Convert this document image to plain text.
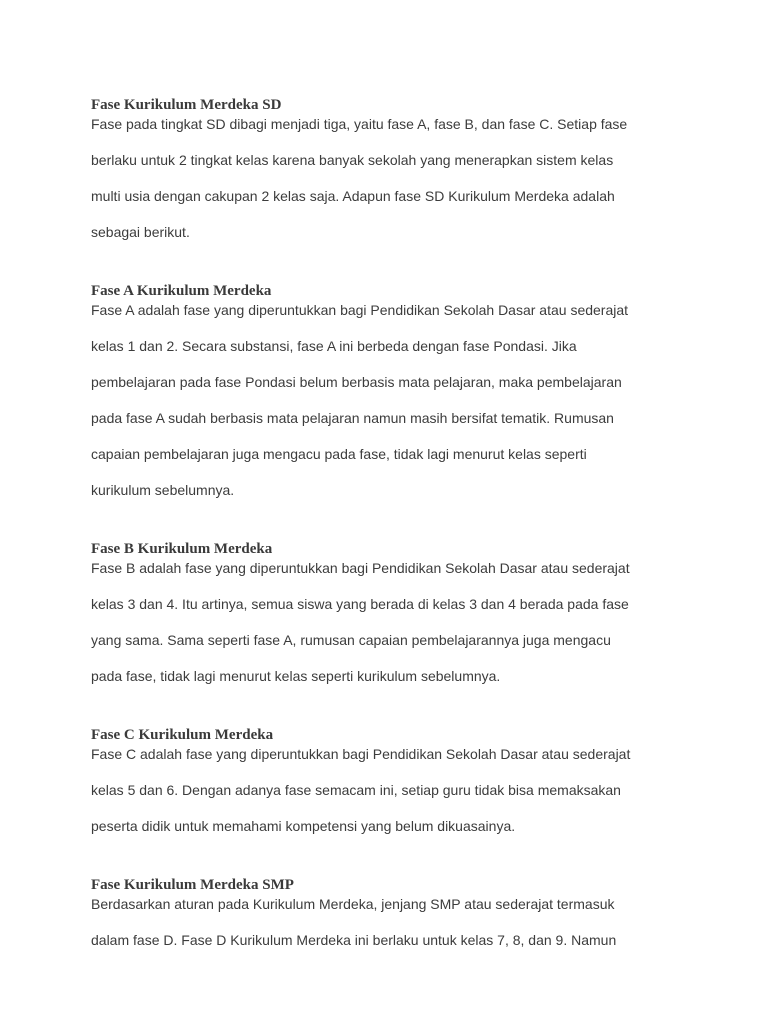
Fase Kurikulum Merdeka SD

Fase pada tingkat SD dibagi menjadi tiga, yaitu fase A, fase B, dan fase C. Setiap fase
berlaku untuk 2 tingkat kelas karena banyak sekolah yang menerapkan sistem kelas
multi usia dengan cakupan 2 kelas saja. Adapun fase SD Kurikulum Merdeka adalah
sebagai berikut.

Fase A Kurikulum Merdeka

Fase A adalah fase yang diperuntukkan bagi Pendidikan Sekolah Dasar atau sederajat
kelas 1 dan 2. Secara substansi, fase A ini berbeda dengan fase Pondasi. Jika
pembelajaran pada fase Pondasi belum berbasis mata pelajaran, maka pembelajaran
pada fase A sudah berbasis mata pelajaran namun masih bersifat tematik. Rumusan
capaian pembelajaran juga mengacu pada fase, tidak lagi menurut kelas seperti
kurikulum sebelumnya.

Fase B Kurikulum Merdeka

Fase B adalah fase yang diperuntukkan bagi Pendidikan Sekolah Dasar atau sederajat
kelas 3 dan 4. Itu artinya, semua siswa yang berada di kelas 3 dan 4 berada pada fase
yang sama. Sama seperti fase A, rumusan capaian pembelajarannya juga mengacu
pada fase, tidak lagi menurut kelas seperti kurikulum sebelumnya.

Fase C Kurikulum Merdeka

Fase C adalah fase yang diperuntukkan bagi Pendidikan Sekolah Dasar atau sederajat
kelas 5 dan 6. Dengan adanya fase semacam ini, setiap guru tidak bisa memaksakan
peserta didik untuk memahami kompetensi yang belum dikuasainya.

Fase Kurikulum Merdeka SMP

Berdasarkan aturan pada Kurikulum Merdeka, jenjang SMP atau sederajat termasuk
dalam fase D. Fase D Kurikulum Merdeka ini berlaku untuk kelas 7, 8, dan 9. Namun
